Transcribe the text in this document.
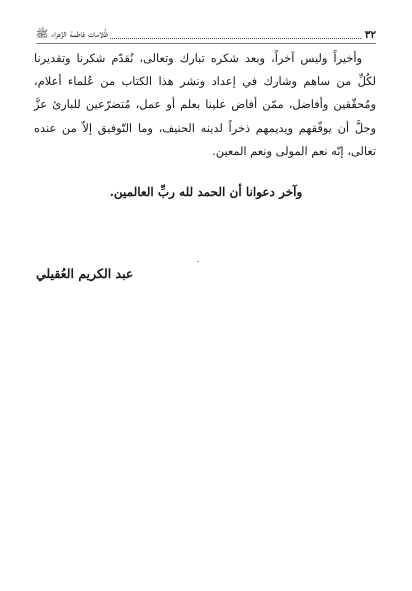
٣٢
ظُلامات فاطمة الزَّهراء ﷺ

وأخيراً وليس آخراً، وبعد شكره تبارك وتعالى، نُقدّم شكرنا وتقديرنا لكُلِّ من ساهم وشارك في إعداد ونشر هذا الكتاب من عُلماء أعلام، ومُحقّقين وأفاضل، ممّن أفاض علينا بعلم أو عمل، مُتضرّعين للبارئ عزَّ وجلَّ أن يوفّقهم ويديمهم ذخراً لدينه الحنيف، وما التّوفيق إلاّ من عنده تعالى، إنّه نعم المولى ونعم المعين.

وآخر دعوانا أن الحمد لله ربِّ العالمين.
عبد الكريم العُقيلي
